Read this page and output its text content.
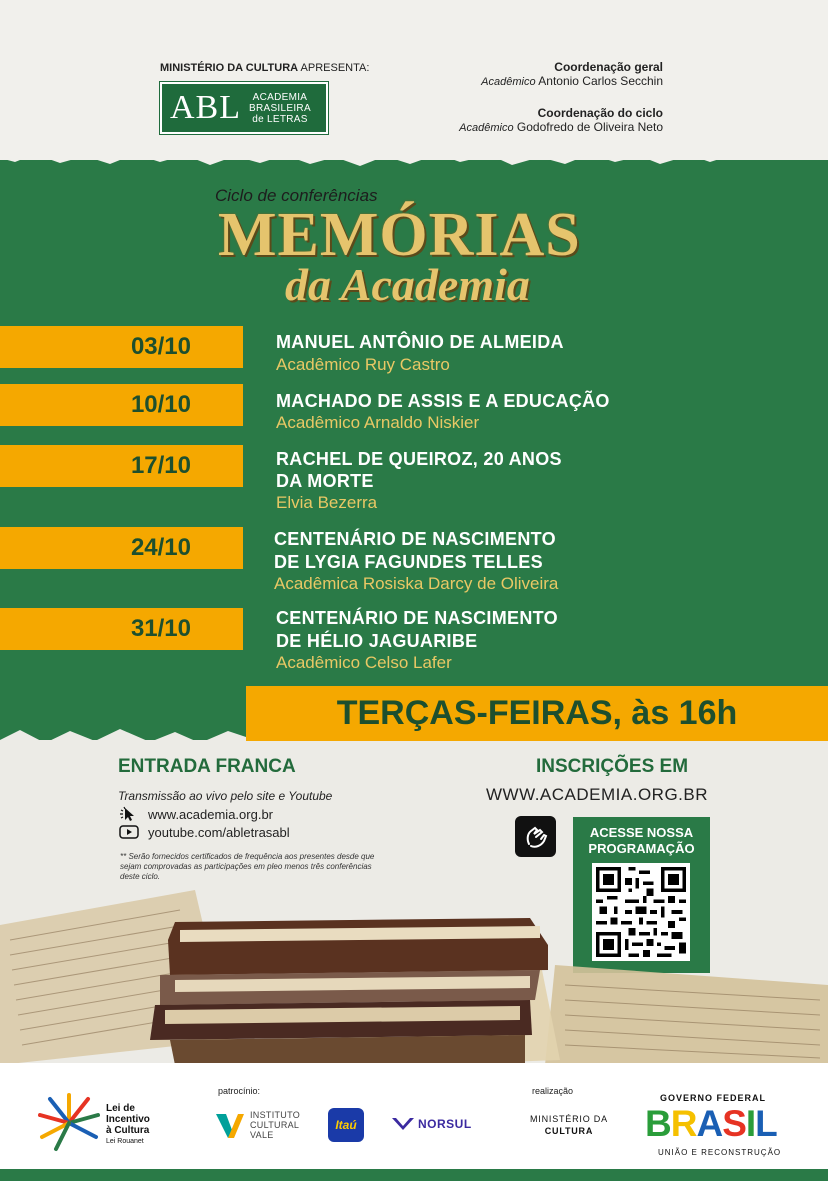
MINISTÉRIO DA CULTURA APRESENTA:
ABL	ACADEMIA
BRASILEIRA
de LETRAS
Coordenação geral
Acadêmico Antonio Carlos Secchin
Coordenação do ciclo
Acadêmico Godofredo de Oliveira Neto
Ciclo de conferências
MEMÓRIAS
da Academia
03/10	MANUEL ANTÔNIO DE ALMEIDA
Acadêmico Ruy Castro
10/10	MACHADO DE ASSIS E A EDUCAÇÃO
Acadêmico Arnaldo Niskier
17/10	RACHEL DE QUEIROZ, 20 ANOS
DA MORTE
Elvia Bezerra
24/10	CENTENÁRIO DE NASCIMENTO
DE LYGIA FAGUNDES TELLES
Acadêmica Rosiska Darcy de Oliveira
31/10	CENTENÁRIO DE NASCIMENTO
DE HÉLIO JAGUARIBE
Acadêmico Celso Lafer
TERÇAS-FEIRAS, às 16h
ENTRADA FRANCA
Transmissão ao vivo pelo site e Youtube
www.academia.org.br
youtube.com/abletrasabl
** Serão fornecidos certificados de frequência aos presentes desde que sejam comprovadas as participações em pleo menos três conferências deste ciclo.
INSCRIÇÕES EM
WWW.ACADEMIA.ORG.BR
ACESSE NOSSA
PROGRAMAÇÃO
Lei de
Incentivo
à Cultura
Lei Rouanet
patrocínio:
INSTITUTO
CULTURAL
VALE
Itaú	NORSUL
realização
MINISTÉRIO DA
CULTURA
GOVERNO FEDERAL
BRASIL
UNIÃO E RECONSTRUÇÃO
